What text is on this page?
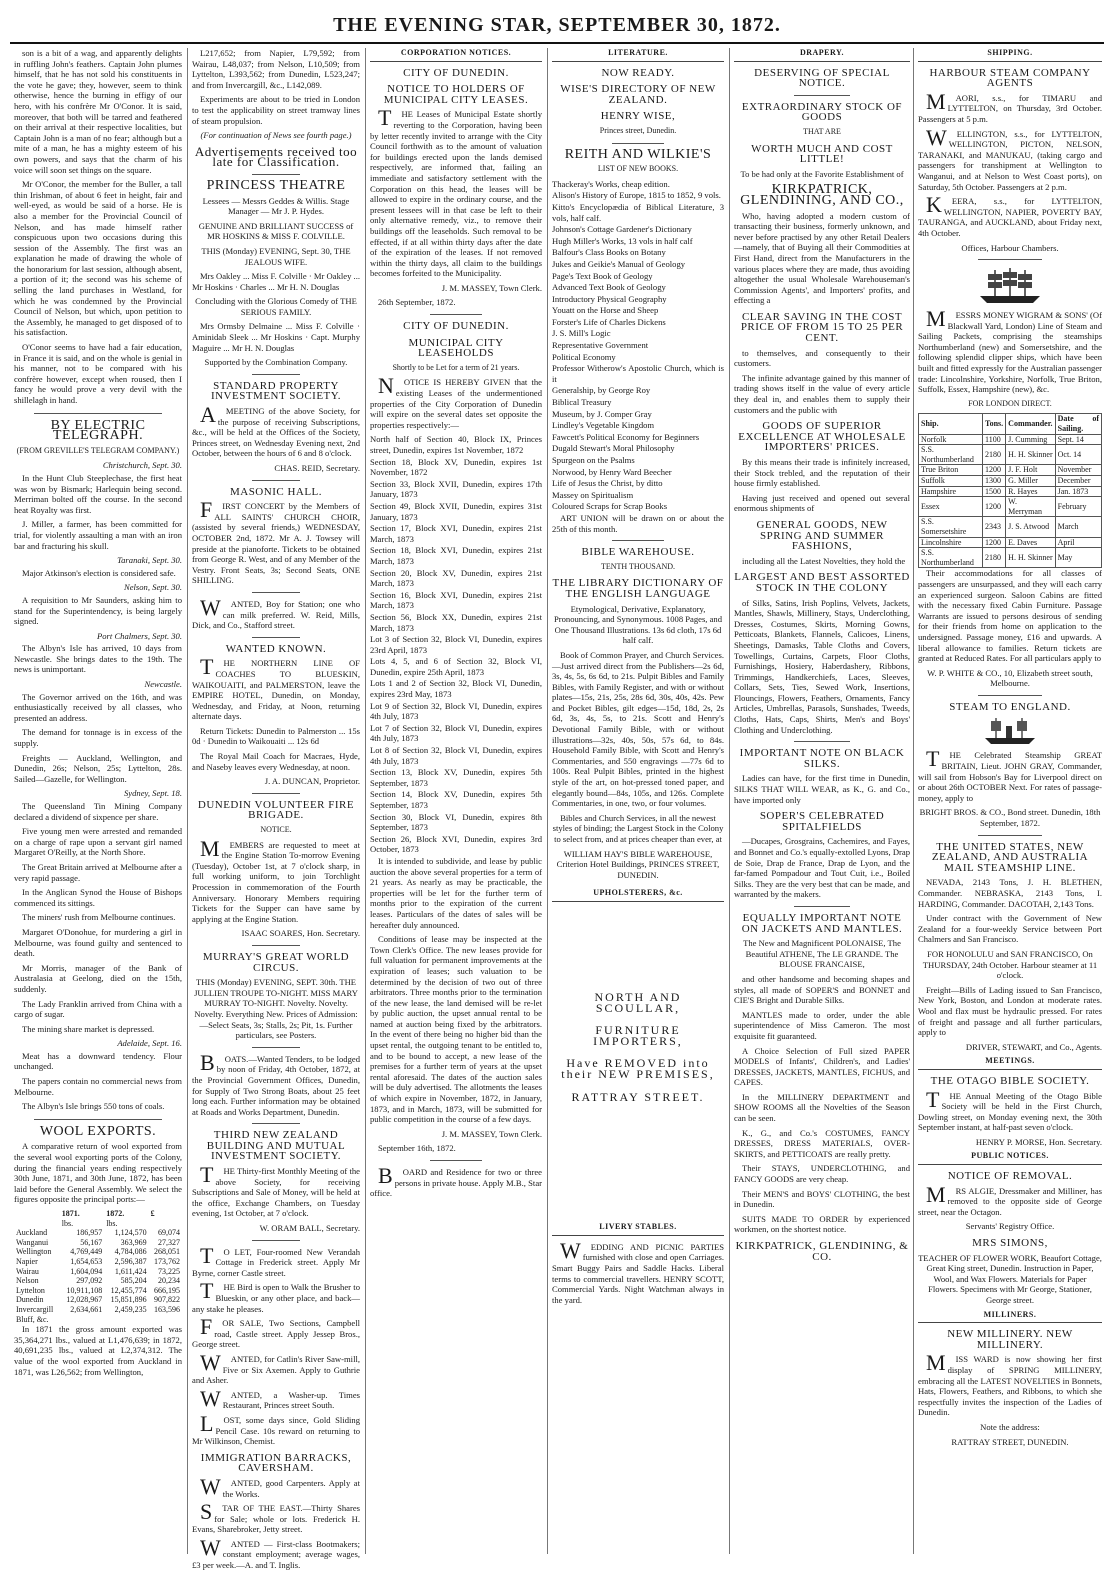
THE EVENING STAR, SEPTEMBER 30, 1872.

son is a bit of a wag, and apparently delights in ruffling John's feathers. Captain John plumes himself, that he has not sold his constituents in the vote he gave; they, however, seem to think otherwise, hence the burning in effigy of our hero, with his confrère Mr O'Conor. It is said, moreover, that both will be tarred and feathered on their arrival at their respective localities, but Captain John is a man of no fear; although but a mite of a man, he has a mighty esteem of his own powers, and says that the charm of his voice will soon set things on the square.

Mr O'Conor, the member for the Buller, a tall thin Irishman, of about 6 feet in height, fair and well-eyed, as would be said of a horse. He is also a member for the Provincial Council of Nelson, and has made himself rather conspicuous upon two occasions during this session of the Assembly. The first was an explanation he made of drawing the whole of the honorarium for last session, although absent, a portion of it; the second was his scheme of selling the land purchases in Westland, for which he was condemned by the Provincial Council of Nelson, but which, upon petition to the Assembly, he managed to get disposed of to his satisfaction.

O'Conor seems to have had a fair education, in France it is said, and on the whole is genial in his manner, not to be compared with his confrère however, except when roused, then I fancy he would prove a very devil with the shillelagh in hand.

BY ELECTRIC TELEGRAPH.
(FROM GREVILLE'S TELEGRAM COMPANY.)
Christchurch, Sept. 30.

In the Hunt Club Steeplechase, the first heat was won by Bismark; Harlequin being second. Merriman bolted off the course. In the second heat Royalty was first.

J. Miller, a farmer, has been committed for trial, for violently assaulting a man with an iron bar and fracturing his skull.

Taranaki, Sept. 30.

Major Atkinson's election is considered safe.

Nelson, Sept. 30.

A requisition to Mr Saunders, asking him to stand for the Superintendency, is being largely signed.

Port Chalmers, Sept. 30.

The Albyn's Isle has arrived, 10 days from Newcastle. She brings dates to the 19th. The news is unimportant.

Newcastle.

The Governor arrived on the 16th, and was enthusiastically received by all classes, who presented an address.

The demand for tonnage is in excess of the supply.

Freights — Auckland, Wellington, and Dunedin, 26s; Nelson, 25s; Lyttelton, 28s. Sailed—Gazelle, for Wellington.

Sydney, Sept. 18.

The Queensland Tin Mining Company declared a dividend of sixpence per share.

Five young men were arrested and remanded on a charge of rape upon a servant girl named Margaret O'Reilly, at the North Shore.

The Great Britain arrived at Melbourne after a very rapid passage.

In the Anglican Synod the House of Bishops commenced its sittings.

The miners' rush from Melbourne continues.

Margaret O'Donohue, for murdering a girl in Melbourne, was found guilty and sentenced to death.

Mr Morris, manager of the Bank of Australasia at Geelong, died on the 15th, suddenly.

The Lady Franklin arrived from China with a cargo of sugar.

The mining share market is depressed.

Adelaide, Sept. 16.

Meat has a downward tendency. Flour unchanged.

The papers contain no commercial news from Melbourne.

The Albyn's Isle brings 550 tons of coals.

WOOL EXPORTS.

A comparative return of wool exported from the several wool exporting ports of the Colony, during the financial years ending respectively 30th June, 1871, and 30th June, 1872, has been laid before the General Assembly. We select the figures opposite the principal ports:—

	1871.	1872.	£
	lbs.	lbs.	
Auckland	186,957	1,124,570	69,074
Wanganui	56,167	363,969	27,327
Wellington	4,769,449	4,784,086	268,051
Napier	1,654,653	2,596,387	173,762
Wairau	1,604,094	1,611,424	73,225
Nelson	297,092	585,204	20,234
Lyttelton	10,911,108	12,455,774	666,195
Dunedin	12,028,967	15,851,896	907,822
Invercargill	2,634,661	2,459,235	163,596
Bluff, &c.			

In 1871 the gross amount exported was 35,364,271 lbs., valued at L1,476,639; in 1872, 40,691,235 lbs., valued at L2,374,312. The value of the wool exported from Auckland in 1871, was L26,562; from Wellington,

L217,652; from Napier, L79,592; from Wairau, L48,037; from Nelson, L10,509; from Lyttelton, L393,562; from Dunedin, L523,247; and from Invercargill, &c., L142,089.

Experiments are about to be tried in London to test the applicability on street tramway lines of steam propulsion.

(For continuation of News see fourth page.)

Advertisements received too late for Classification.
PRINCESS THEATRE

Lessees — Messrs Geddes & Willis. Stage Manager — Mr J. P. Hydes.

GENUINE AND BRILLIANT SUCCESS of MR HOSKINS & MISS F. COLVILLE.

THIS (Monday) EVENING, Sept. 30, THE JEALOUS WIFE.

Mrs Oakley ... Miss F. Colville · Mr Oakley ... Mr Hoskins · Charles ... Mr H. N. Douglas

Concluding with the Glorious Comedy of THE SERIOUS FAMILY.

Mrs Ormsby Delmaine ... Miss F. Colville · Aminidab Sleek ... Mr Hoskins · Capt. Murphy Maguire ... Mr H. N. Douglas

Supported by the Combination Company.

STANDARD PROPERTY INVESTMENT SOCIETY.

AMEETING of the above Society, for the purpose of receiving Subscriptions, &c., will be held at the Offices of the Society, Princes street, on Wednesday Evening next, 2nd October, between the hours of 6 and 8 o'clock.

CHAS. REID, Secretary.

MASONIC HALL.

FIRST CONCERT by the Members of ALL SAINTS' CHURCH CHOIR, (assisted by several friends,) WEDNESDAY, OCTOBER 2nd, 1872. Mr A. J. Towsey will preside at the pianoforte. Tickets to be obtained from George R. West, and of any Member of the Vestry. Front Seats, 3s; Second Seats, ONE SHILLING.

WANTED, Boy for Station; one who can milk preferred. W. Reid, Mills, Dick, and Co., Stafford street.

WANTED KNOWN.

THE NORTHERN LINE OF COACHES TO BLUESKIN, WAIKOUAITI, and PALMERSTON, leave the EMPIRE HOTEL, Dunedin, on Monday, Wednesday, and Friday, at Noon, returning alternate days.

Return Tickets: Dunedin to Palmerston ... 15s 0d · Dunedin to Waikouaiti ... 12s 6d

The Royal Mail Coach for Macraes, Hyde, and Naseby leaves every Wednesday, at noon.

J. A. DUNCAN, Proprietor.

DUNEDIN VOLUNTEER FIRE BRIGADE.
NOTICE.

MEMBERS are requested to meet at the Engine Station To-morrow Evening (Tuesday), October 1st, at 7 o'clock sharp, in full working uniform, to join Torchlight Procession in commemoration of the Fourth Anniversary. Honorary Members requiring Tickets for the Supper can have same by applying at the Engine Station.

ISAAC SOARES, Hon. Secretary.

MURRAY'S GREAT WORLD CIRCUS.

THIS (Monday) EVENING, SEPT. 30th. THE JULLIEN TROUPE TO-NIGHT. MISS MARY MURRAY TO-NIGHT. Novelty. Novelty. Novelty. Everything New. Prices of Admission:—Select Seats, 3s; Stalls, 2s; Pit, 1s. Further particulars, see Posters.

BOATS.—Wanted Tenders, to be lodged by noon of Friday, 4th October, 1872, at the Provincial Government Offices, Dunedin, for Supply of Two Strong Boats, about 25 feet long each. Further information may be obtained at Roads and Works Department, Dunedin.

THIRD NEW ZEALAND BUILDING AND MUTUAL INVESTMENT SOCIETY.

THE Thirty-first Monthly Meeting of the above Society, for receiving Subscriptions and Sale of Money, will be held at the office, Exchange Chambers, on Tuesday evening, 1st October, at 7 o'clock.

W. ORAM BALL, Secretary.

TO LET, Four-roomed New Verandah Cottage in Frederick street. Apply Mr Byrne, corner Castle street.

THE Bird is open to Walk the Brusher to Blueskin, or any other place, and back—any stake he pleases.

FOR SALE, Two Sections, Campbell road, Castle street. Apply Jessep Bros., George street.

WANTED, for Catlin's River Saw-mill, Five or Six Axemen. Apply to Guthrie and Asher.

WANTED, a Washer-up. Times Restaurant, Princes street South.

LOST, some days since, Gold Sliding Pencil Case. 10s reward on returning to Mr Wilkinson, Chemist.

IMMIGRATION BARRACKS, CAVERSHAM.

WANTED, good Carpenters. Apply at the Works.

STAR OF THE EAST.—Thirty Shares for Sale; whole or lots. Frederick H. Evans, Sharebroker, Jetty street.

WANTED — First-class Bootmakers; constant employment; average wages, £3 per week.—A. and T. Inglis.

CORPORATION NOTICES.
CITY OF DUNEDIN.
NOTICE TO HOLDERS OF MUNICIPAL CITY LEASES.

THE Leases of Municipal Estate shortly reverting to the Corporation, having been by letter recently invited to arrange with the City Council forthwith as to the amount of valuation for buildings erected upon the lands demised respectively, are informed that, failing an immediate and satisfactory settlement with the Corporation on this head, the leases will be allowed to expire in the ordinary course, and the present lessees will in that case be left to their only alternative remedy, viz., to remove their buildings off the leaseholds. Such removal to be effected, if at all within thirty days after the date of the expiration of the leases. If not removed within the thirty days, all claim to the buildings becomes forfeited to the Municipality.

J. M. MASSEY, Town Clerk.

26th September, 1872.

CITY OF DUNEDIN.
MUNICIPAL CITY LEASEHOLDS
Shortly to be Let for a term of 21 years.

NOTICE IS HEREBY GIVEN that the existing Leases of the undermentioned properties of the City Corporation of Dunedin will expire on the several dates set opposite the properties respectively:—

North half of Section 40, Block IX, Princes street, Dunedin, expires 1st November, 1872

Section 18, Block XV, Dunedin, expires 1st November, 1872

Section 33, Block XVII, Dunedin, expires 17th January, 1873

Section 49, Block XVII, Dunedin, expires 31st January, 1873

Section 17, Block XVI, Dunedin, expires 21st March, 1873

Section 18, Block XVI, Dunedin, expires 21st March, 1873

Section 20, Block XV, Dunedin, expires 21st March, 1873

Section 16, Block XVI, Dunedin, expires 21st March, 1873

Section 56, Block XX, Dunedin, expires 21st March, 1873

Lot 3 of Section 32, Block VI, Dunedin, expires 23rd April, 1873

Lots 4, 5, and 6 of Section 32, Block VI, Dunedin, expire 25th April, 1873

Lots 1 and 2 of Section 32, Block VI, Dunedin, expires 23rd May, 1873

Lot 9 of Section 32, Block VI, Dunedin, expires 4th July, 1873

Lot 7 of Section 32, Block VI, Dunedin, expires 4th July, 1873

Lot 8 of Section 32, Block VI, Dunedin, expires 4th July, 1873

Section 13, Block XV, Dunedin, expires 5th September, 1873

Section 14, Block XV, Dunedin, expires 5th September, 1873

Section 30, Block VI, Dunedin, expires 8th September, 1873

Section 26, Block XVI, Dunedin, expires 3rd October, 1873

It is intended to subdivide, and lease by public auction the above several properties for a term of 21 years. As nearly as may be practicable, the properties will be let for the further term of months prior to the expiration of the current leases. Particulars of the dates of sales will be hereafter duly announced.

Conditions of lease may be inspected at the Town Clerk's Office. The new leases provide for full valuation for permanent improvements at the expiration of leases; such valuation to be determined by the decision of two out of three arbitrators. Three months prior to the termination of the new lease, the land demised will be re-let by public auction, the upset annual rental to be named at auction being fixed by the arbitrators. In the event of there being no higher bid than the upset rental, the outgoing tenant to be entitled to, and to be bound to accept, a new lease of the premises for a further term of years at the upset rental aforesaid. The dates of the auction sales will be duly advertised. The allotments the leases of which expire in November, 1872, in January, 1873, and in March, 1873, will be submitted for public competition in the course of a few days.

J. M. MASSEY, Town Clerk.

September 16th, 1872.

BOARD and Residence for two or three persons in private house. Apply M.B., Star office.

LITERATURE.
NOW READY.
WISE'S DIRECTORY OF NEW ZEALAND.
HENRY WISE,
Princes street, Dunedin.
REITH AND WILKIE'S
LIST OF NEW BOOKS.

Thackeray's Works, cheap edition.

Alison's History of Europe, 1815 to 1852, 9 vols.

Kitto's Encyclopædia of Biblical Literature, 3 vols, half calf.

Johnson's Cottage Gardener's Dictionary

Hugh Miller's Works, 13 vols in half calf

Balfour's Class Books on Botany

Jukes and Geikie's Manual of Geology

Page's Text Book of Geology

Advanced Text Book of Geology

Introductory Physical Geography

Youatt on the Horse and Sheep

Forster's Life of Charles Dickens

J. S. Mill's Logic

Representative Government

Political Economy

Professor Witherow's Apostolic Church, which is it

Generalship, by George Roy

Biblical Treasury

Museum, by J. Comper Gray

Lindley's Vegetable Kingdom

Fawcett's Political Economy for Beginners

Dugald Stewart's Moral Philosophy

Spurgeon on the Psalms

Norwood, by Henry Ward Beecher

Life of Jesus the Christ, by ditto

Massey on Spiritualism

Coloured Scraps for Scrap Books

ART UNION will be drawn on or about the 25th of this month.

BIBLE WAREHOUSE.
TENTH THOUSAND.
THE LIBRARY DICTIONARY OF THE ENGLISH LANGUAGE

Etymological, Derivative, Explanatory, Pronouncing, and Synonymous. 1008 Pages, and One Thousand Illustrations. 13s 6d cloth, 17s 6d half calf.

Book of Common Prayer, and Church Services.—Just arrived direct from the Publishers—2s 6d, 3s, 4s, 5s, 6s 6d, to 21s. Pulpit Bibles and Family Bibles, with Family Register, and with or without plates—15s, 21s, 25s, 28s 6d, 30s, 40s, 42s. Pew and Pocket Bibles, gilt edges—15d, 18d, 2s, 2s 6d, 3s, 4s, 5s, to 21s. Scott and Henry's Devotional Family Bible, with or without illustrations—32s, 40s, 50s, 57s 6d, to 84s. Household Family Bible, with Scott and Henry's Commentaries, and 550 engravings —77s 6d to 100s. Real Pulpit Bibles, printed in the highest style of the art, on hot-pressed toned paper, and elegantly bound—84s, 105s, and 126s. Complete Commentaries, in one, two, or four volumes.

Bibles and Church Services, in all the newest styles of binding; the Largest Stock in the Colony to select from, and at prices cheaper than ever, at

WILLIAM HAY'S BIBLE WAREHOUSE, Criterion Hotel Buildings, PRINCES STREET, DUNEDIN.

UPHOLSTERERS, &c.
NORTH AND SCOULLAR,
FURNITURE IMPORTERS,
Have REMOVED into their NEW PREMISES,
RATTRAY STREET.
LIVERY STABLES.

WEDDING AND PICNIC PARTIES furnished with close and open Carriages. Smart Buggy Pairs and Saddle Hacks. Liberal terms to commercial travellers. HENRY SCOTT, Commercial Yards. Night Watchman always in the yard.

SHIPPING.
HARBOUR STEAM COMPANY AGENTS

MAORI, s.s., for TIMARU and LYTTELTON, on Thursday, 3rd October. Passengers at 5 p.m.

WELLINGTON, s.s., for LYTTELTON, WELLINGTON, PICTON, NELSON, TARANAKI, and MANUKAU, (taking cargo and passengers for transhipment at Wellington to Wanganui, and at Nelson to West Coast ports), on Saturday, 5th October. Passengers at 2 p.m.

KEERA, s.s., for LYTTELTON, WELLINGTON, NAPIER, POVERTY BAY, TAURANGA, and AUCKLAND, about Friday next, 4th October.

Offices, Harbour Chambers.

MESSRS MONEY WIGRAM & SONS' (Of Blackwall Yard, London) Line of Steam and Sailing Packets, comprising the steamships Northumberland (new) and Somersetshire, and the following splendid clipper ships, which have been built and fitted expressly for the Australian passenger trade: Lincolnshire, Yorkshire, Norfolk, True Briton, Suffolk, Essex, Hampshire (new), &c.

FOR LONDON DIRECT.
Ship.	Tons.	Commander.	Date of Sailing.
Norfolk	1100	J. Cumming	Sept. 14
S.S. Northumberland	2180	H. H. Skinner	Oct. 14
True Briton	1200	J. F. Holt	November
Suffolk	1300	G. Miller	December
Hampshire	1500	R. Hayes	Jan. 1873
Essex	1200	W. Merryman	February
S.S. Somersetshire	2343	J. S. Atwood	March
Lincolnshire	1200	E. Daves	April
S.S. Northumberland	2180	H. H. Skinner	May

Their accommodations for all classes of passengers are unsurpassed, and they will each carry an experienced surgeon. Saloon Cabins are fitted with the necessary fixed Cabin Furniture. Passage Warrants are issued to persons desirous of sending for their friends from home on application to the undersigned. Passage money, £16 and upwards. A liberal allowance to families. Return tickets are granted at Reduced Rates. For all particulars apply to

W. P. WHITE & CO., 10, Elizabeth street south, Melbourne.

STEAM TO ENGLAND.

THE Celebrated Steamship GREAT BRITAIN, Lieut. JOHN GRAY, Commander, will sail from Hobson's Bay for Liverpool direct on or about 26th OCTOBER Next. For rates of passage-money, apply to

BRIGHT BROS. & CO., Bond street. Dunedin, 18th September, 1872.

THE UNITED STATES, NEW ZEALAND, AND AUSTRALIA MAIL STEAMSHIP LINE.

NEVADA, 2143 Tons, J. H. BLETHEN, Commander. NEBRASKA, 2143 Tons, I. HARDING, Commander. DACOTAH, 2,143 Tons.

Under contract with the Government of New Zealand for a four-weekly Service between Port Chalmers and San Francisco.

FOR HONOLULU and SAN FRANCISCO, On THURSDAY, 24th October. Harbour steamer at 11 o'clock.

Freight—Bills of Lading issued to San Francisco, New York, Boston, and London at moderate rates. Wool and flax must be hydraulic pressed. For rates of freight and passage and all further particulars, apply to

DRIVER, STEWART, and Co., Agents.

MEETINGS.
THE OTAGO BIBLE SOCIETY.

THE Annual Meeting of the Otago Bible Society will be held in the First Church, Dowling street, on Monday evening next, the 30th September instant, at half-past seven o'clock.

HENRY P. MORSE, Hon. Secretary.

PUBLIC NOTICES.
NOTICE OF REMOVAL.

MRS ALGIE, Dressmaker and Milliner, has removed to the opposite side of George street, near the Octagon.

Servants' Registry Office.

MRS SIMONS,

TEACHER OF FLOWER WORK, Beaufort Cottage, Great King street, Dunedin. Instruction in Paper, Wool, and Wax Flowers. Materials for Paper Flowers. Specimens with Mr George, Stationer, George street.

MILLINERS.
NEW MILLINERY. NEW MILLINERY.

MISS WARD is now showing her first display of SPRING MILLINERY, embracing all the LATEST NOVELTIES in Bonnets, Hats, Flowers, Feathers, and Ribbons, to which she respectfully invites the inspection of the Ladies of Dunedin.

Note the address:

RATTRAY STREET, DUNEDIN.

DRAPERY.
DESERVING OF SPECIAL NOTICE.
EXTRAORDINARY STOCK OF GOODS
THAT ARE
WORTH MUCH AND COST LITTLE!

To be had only at the Favorite Establishment of

KIRKPATRICK, GLENDINING, AND CO.,

Who, having adopted a modern custom of transacting their business, formerly unknown, and never before practised by any other Retail Dealers—namely, that of Buying all their Commodities at First Hand, direct from the Manufacturers in the various places where they are made, thus avoiding altogether the usual Wholesale Warehouseman's Commission Agents', and Importers' profits, and effecting a

CLEAR SAVING IN THE COST PRICE OF FROM 15 TO 25 PER CENT.

to themselves, and consequently to their customers.

The infinite advantage gained by this manner of trading shows itself in the value of every article they deal in, and enables them to supply their customers and the public with

GOODS OF SUPERIOR EXCELLENCE AT WHOLESALE IMPORTERS' PRICES.

By this means their trade is infinitely increased, their Stock trebled, and the reputation of their house firmly established.

Having just received and opened out several enormous shipments of

GENERAL GOODS, NEW SPRING AND SUMMER FASHIONS,

including all the Latest Novelties, they hold the

LARGEST AND BEST ASSORTED STOCK IN THE COLONY

of Silks, Satins, Irish Poplins, Velvets, Jackets, Mantles, Shawls, Millinery, Stays, Underclothing, Dresses, Costumes, Skirts, Morning Gowns, Petticoats, Blankets, Flannels, Calicoes, Linens, Sheetings, Damasks, Table Cloths and Covers, Towellings, Curtains, Carpets, Floor Cloths, Furnishings, Hosiery, Haberdashery, Ribbons, Trimmings, Handkerchiefs, Laces, Sleeves, Collars, Sets, Ties, Sewed Work, Insertions, Flouncings, Flowers, Feathers, Ornaments, Fancy Articles, Umbrellas, Parasols, Sunshades, Tweeds, Cloths, Hats, Caps, Shirts, Men's and Boys' Clothing and Underclothing.

IMPORTANT NOTE ON BLACK SILKS.

Ladies can have, for the first time in Dunedin, SILKS THAT WILL WEAR, as K., G. and Co., have imported only

SOPER'S CELEBRATED SPITALFIELDS

—Ducapes, Grosgrains, Cachemires, and Fayes, and Bonnet and Co.'s equally-extolled Lyons, Drap de Soie, Drap de France, Drap de Lyon, and the far-famed Pompadour and Tout Cuit, i.e., Boiled Silks. They are the very best that can be made, and warranted by the makers.

EQUALLY IMPORTANT NOTE ON JACKETS AND MANTLES.

The New and Magnificent POLONAISE, The Beautiful ATHENE, The LE GRANDE. The BLOUSE FRANCAISE,

and other handsome and becoming shapes and styles, all made of SOPER'S and BONNET and CIE'S Bright and Durable Silks.

MANTLES made to order, under the able superintendence of Miss Cameron. The most exquisite fit guaranteed.

A Choice Selection of Full sized PAPER MODELS of Infants', Children's, and Ladies' DRESSES, JACKETS, MANTLES, FICHUS, and CAPES.

In the MILLINERY DEPARTMENT and SHOW ROOMS all the Novelties of the Season can be seen.

K., G., and Co.'s COSTUMES, FANCY DRESSES, DRESS MATERIALS, OVER-SKIRTS, and PETTICOATS are really pretty.

Their STAYS, UNDERCLOTHING, and FANCY GOODS are very cheap.

Their MEN'S and BOYS' CLOTHING, the best in Dunedin.

SUITS MADE TO ORDER by experienced workmen, on the shortest notice.

KIRKPATRICK, GLENDINING, & CO.
